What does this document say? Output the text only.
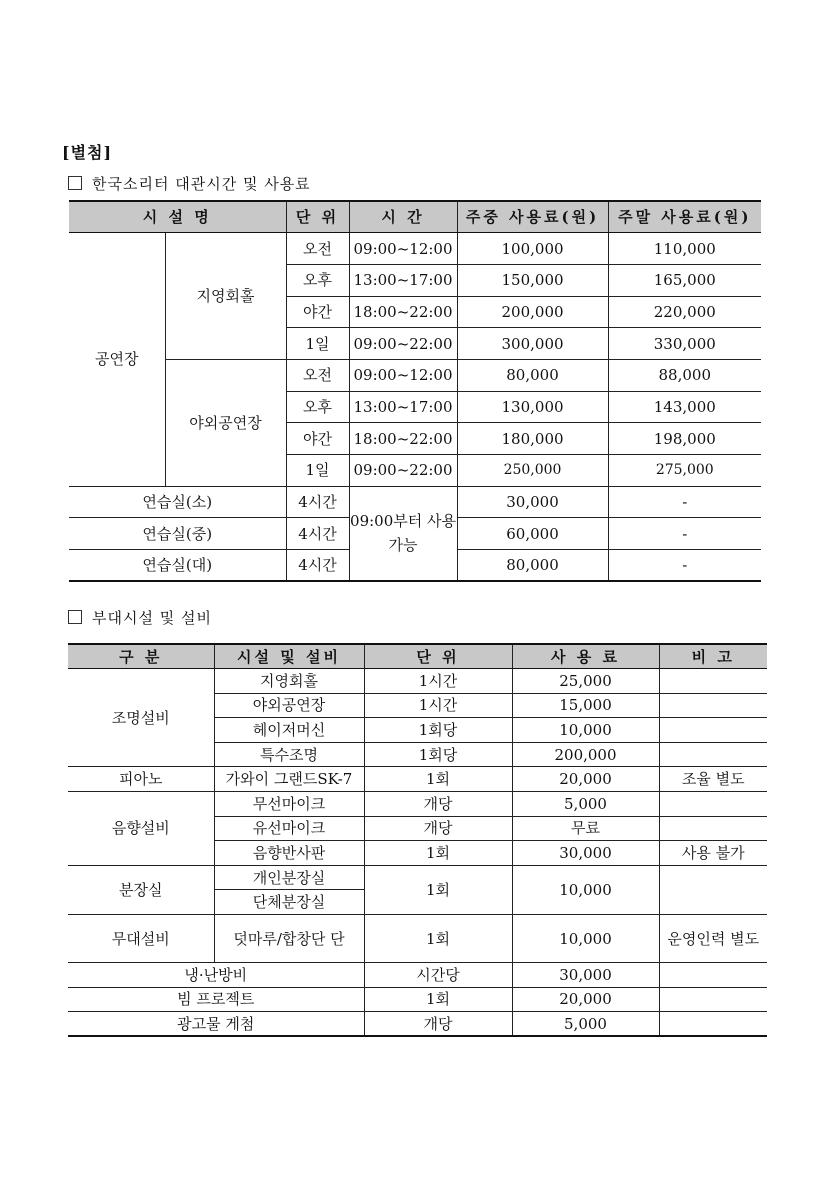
[별첨]
한국소리터 대관시간 및 사용료
시 설 명		단 위	시 간	주중 사용료(원)	주말 사용료(원)
공연장	지영회홀	오전	09:00~12:00	100,000	110,000
		오후	13:00~17:00	150,000	165,000
		야간	18:00~22:00	200,000	220,000
		1일	09:00~22:00	300,000	330,000
	야외공연장	오전	09:00~12:00	80,000	88,000
		오후	13:00~17:00	130,000	143,000
		야간	18:00~22:00	180,000	198,000
		1일	09:00~22:00	250,000	275,000
연습실(소)		4시간	09:00부터 사용 가능	30,000	-
연습실(중)		4시간		60,000	-
연습실(대)		4시간		80,000	-
부대시설 및 설비
구 분	시설 및 설비	단 위	사 용 료	비 고
조명설비	지영회홀	1시간	25,000	
	야외공연장	1시간	15,000	
	헤이저머신	1회당	10,000	
	특수조명	1회당	200,000	
피아노	가와이 그랜드SK-7	1회	20,000	조율 별도
음향설비	무선마이크	개당	5,000	
	유선마이크	개당	무료	
	음향반사판	1회	30,000	사용 불가
분장실	개인분장실	1회	10,000	
	단체분장실			
무대설비	덧마루/합창단 단	1회	10,000	운영인력 별도
냉·난방비		시간당	30,000	
빔 프로젝트		1회	20,000	
광고물 게첨		개당	5,000	
